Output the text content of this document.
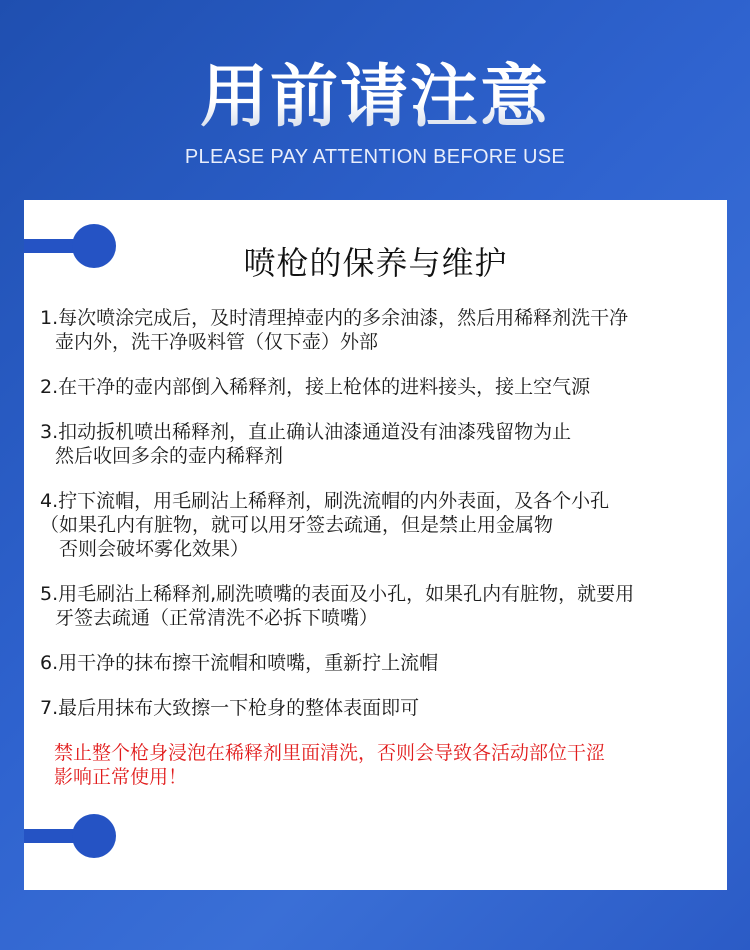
用前请注意
PLEASE PAY ATTENTION BEFORE USE
喷枪的保养与维护
1.每次喷涂完成后，及时清理掉壶内的多余油漆，然后用稀释剂洗干净
壶内外，洗干净吸料管（仅下壶）外部
2.在干净的壶内部倒入稀释剂，接上枪体的进料接头，接上空气源
3.扣动扳机喷出稀释剂，直止确认油漆通道没有油漆残留物为止
然后收回多余的壶内稀释剂
4.拧下流帽，用毛刷沾上稀释剂，刷洗流帽的内外表面，及各个小孔
（如果孔内有脏物，就可以用牙签去疏通，但是禁止用金属物
否则会破坏雾化效果）
5.用毛刷沾上稀释剂,刷洗喷嘴的表面及小孔，如果孔内有脏物，就要用
牙签去疏通（正常清洗不必拆下喷嘴）
6.用干净的抹布擦干流帽和喷嘴，重新拧上流帽
7.最后用抹布大致擦一下枪身的整体表面即可
禁止整个枪身浸泡在稀释剂里面清洗，否则会导致各活动部位干涩
影响正常使用！
